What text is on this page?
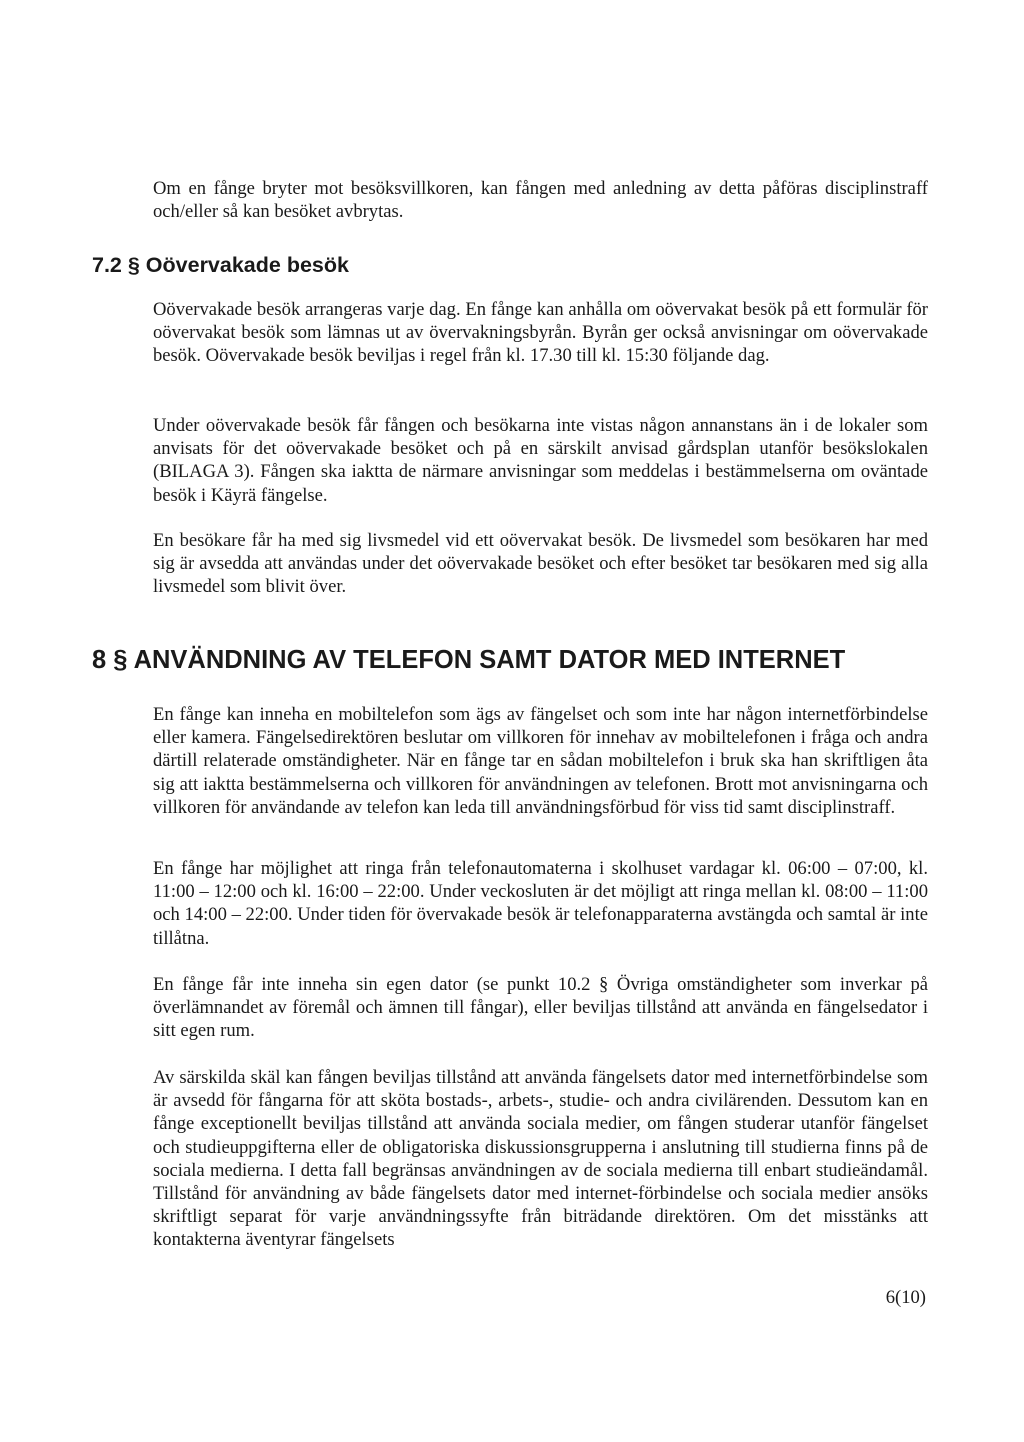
Om en fånge bryter mot besöksvillkoren, kan fången med anledning av detta påföras disciplinstraff och/eller så kan besöket avbrytas.

7.2 § Oövervakade besök

Oövervakade besök arrangeras varje dag. En fånge kan anhålla om oövervakat besök på ett formulär för oövervakat besök som lämnas ut av övervakningsbyrån. Byrån ger också anvisningar om oövervakade besök. Oövervakade besök beviljas i regel från kl. 17.30 till kl. 15:30 följande dag.

Under oövervakade besök får fången och besökarna inte vistas någon annanstans än i de lokaler som anvisats för det oövervakade besöket och på en särskilt anvisad gårdsplan utanför besökslokalen (BILAGA 3). Fången ska iaktta de närmare anvisningar som meddelas i bestämmelserna om oväntade besök i Käyrä fängelse.

En besökare får ha med sig livsmedel vid ett oövervakat besök. De livsmedel som besökaren har med sig är avsedda att användas under det oövervakade besöket och efter besöket tar besökaren med sig alla livsmedel som blivit över.

8 § ANVÄNDNING AV TELEFON SAMT DATOR MED INTERNET

En fånge kan inneha en mobiltelefon som ägs av fängelset och som inte har någon internetförbindelse eller kamera. Fängelsedirektören beslutar om villkoren för innehav av mobiltelefonen i fråga och andra därtill relaterade omständigheter. När en fånge tar en sådan mobiltelefon i bruk ska han skriftligen åta sig att iaktta bestämmelserna och villkoren för användningen av telefonen. Brott mot anvisningarna och villkoren för användande av telefon kan leda till användningsförbud för viss tid samt disciplinstraff.

En fånge har möjlighet att ringa från telefonautomaterna i skolhuset vardagar kl. 06:00 – 07:00, kl. 11:00 – 12:00 och kl. 16:00 – 22:00. Under veckosluten är det möjligt att ringa mellan kl. 08:00 – 11:00 och 14:00 – 22:00. Under tiden för övervakade besök är telefonapparaterna avstängda och samtal är inte tillåtna.

En fånge får inte inneha sin egen dator (se punkt 10.2 § Övriga omständigheter som inverkar på överlämnandet av föremål och ämnen till fångar), eller beviljas tillstånd att använda en fängelsedator i sitt egen rum.

Av särskilda skäl kan fången beviljas tillstånd att använda fängelsets dator med internetförbindelse som är avsedd för fångarna för att sköta bostads-, arbets-, studie- och andra civilärenden. Dessutom kan en fånge exceptionellt beviljas tillstånd att använda sociala medier, om fången studerar utanför fängelset och studieuppgifterna eller de obligatoriska diskussionsgrupperna i anslutning till studierna finns på de sociala medierna. I detta fall begränsas användningen av de sociala medierna till enbart studieändamål. Tillstånd för användning av både fängelsets dator med internet-förbindelse och sociala medier ansöks skriftligt separat för varje användningssyfte från biträdande direktören. Om det misstänks att kontakterna äventyrar fängelsets

6(10)
